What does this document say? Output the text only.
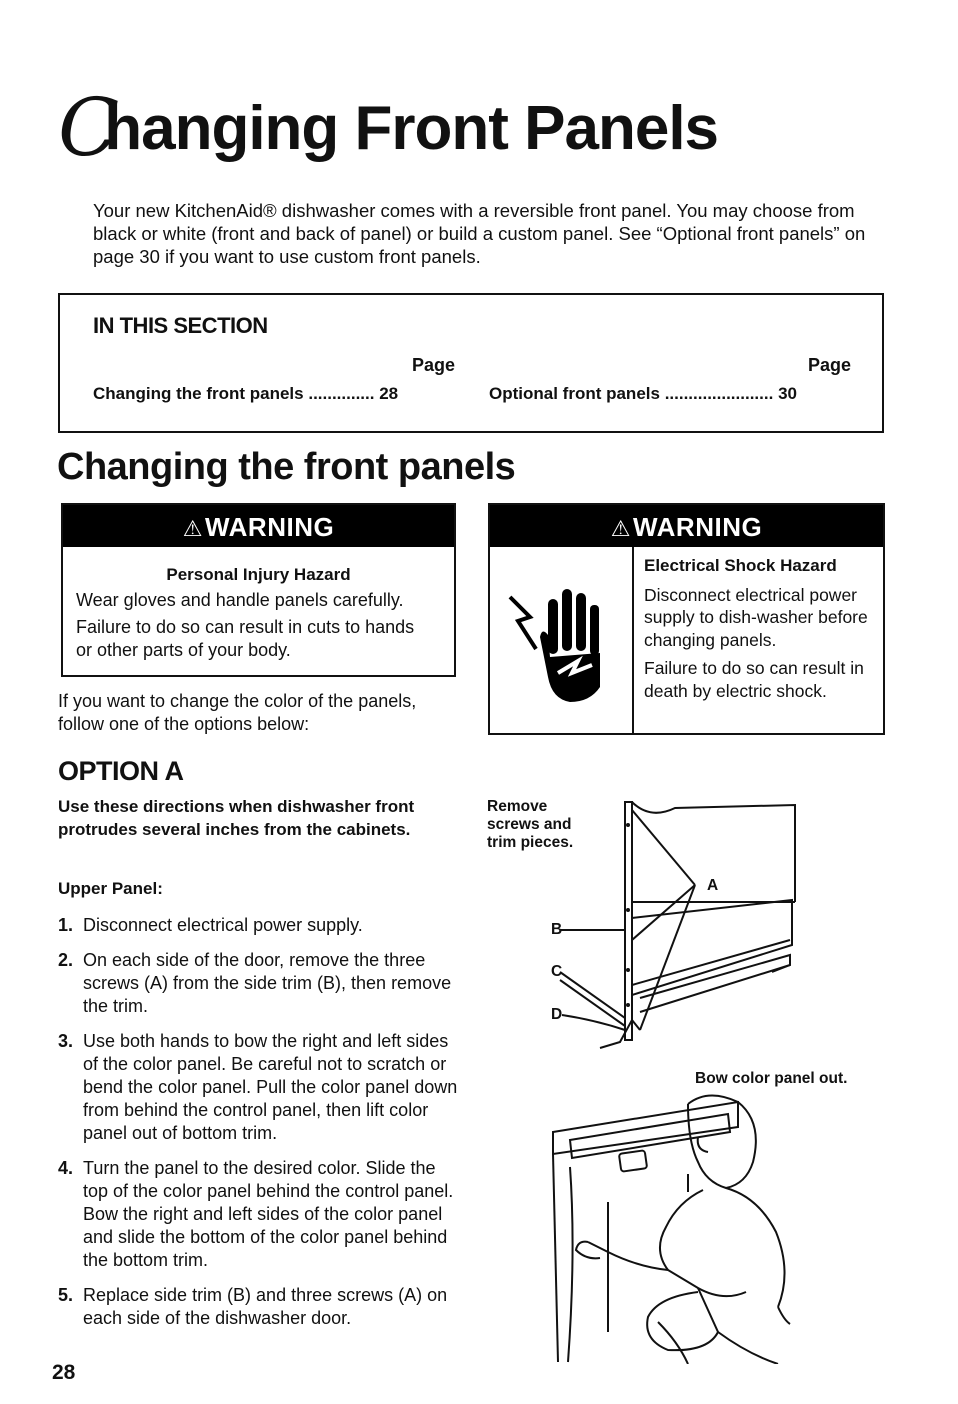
Changing Front Panels

Your new KitchenAid® dishwasher comes with a reversible front panel. You may choose from black or white (front and back of panel) or build a custom panel. See “Optional front panels” on page 30 if you want to use custom front panels.

IN THIS SECTION
Page
Changing the front panels .............. 28
Page
Optional front panels ....................... 30
Changing the front panels
⚠WARNING
Personal Injury Hazard

Wear gloves and handle panels carefully.

Failure to do so can result in cuts to hands or other parts of your body.

⚠WARNING
Electrical Shock Hazard

Disconnect electrical power supply to dish-washer before changing panels.

Failure to do so can result in death by electric shock.

If you want to change the color of the panels, follow one of the options below:

OPTION A

Use these directions when dishwasher front protrudes several inches from the cabinets.

Upper Panel:

1. Disconnect electrical power supply.
2. On each side of the door, remove the three screws (A) from the side trim (B), then remove the trim.
3. Use both hands to bow the right and left sides of the color panel. Be careful not to scratch or bend the color panel. Pull the color panel down from behind the control panel, then lift color panel out of bottom trim.
4. Turn the panel to the desired color. Slide the top of the color panel behind the control panel. Bow the right and left sides of the color panel and slide the bottom of the color panel behind the bottom trim.
5. Replace side trim (B) and three screws (A) on each side of the dishwasher door.

28

Remove screws and trim pieces.

A

B

C

D

Bow color panel out.
